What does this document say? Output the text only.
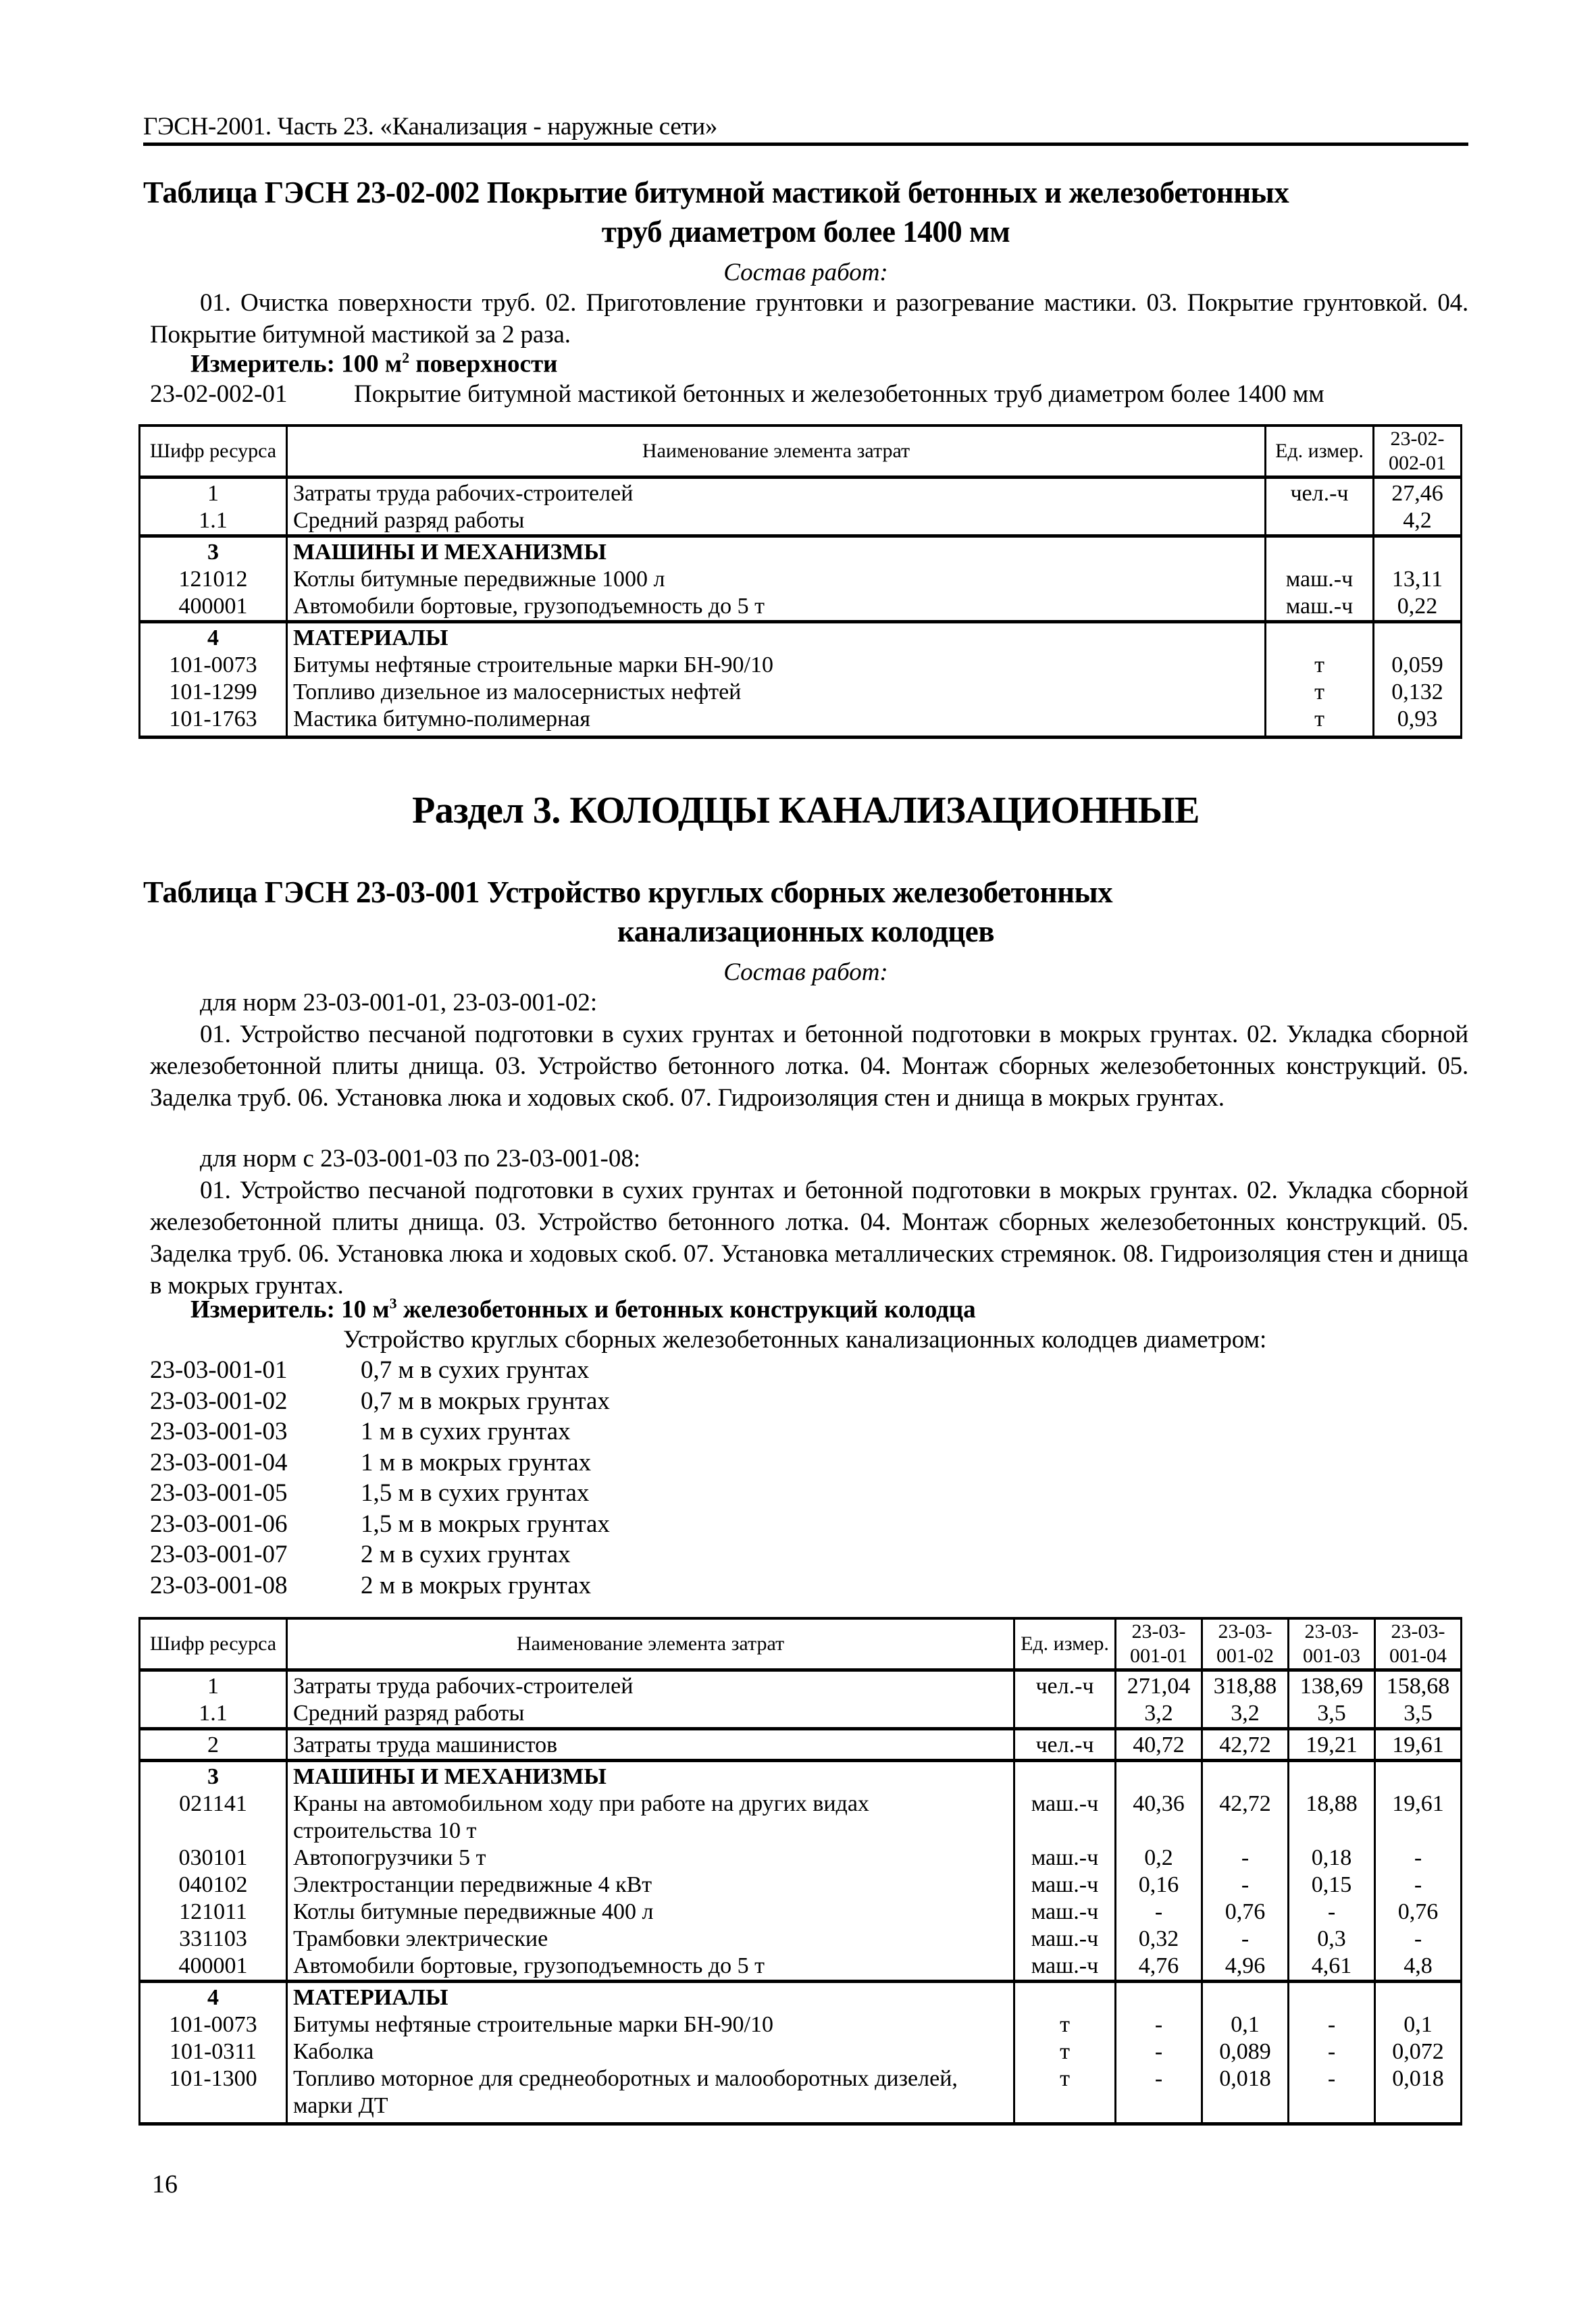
ГЭСН-2001. Часть 23. «Канализация - наружные сети»
Таблица ГЭСН 23-02-002 Покрытие битумной мастикой бетонных и железобетонных
труб диаметром более 1400 мм
Состав работ:
01. Очистка поверхности труб. 02. Приготовление грунтовки и разогревание мастики. 03. Покрытие грунтовкой. 04. Покрытие битумной мастикой за 2 раза.
Измеритель: 100 $м^2$ поверхности
23-02-002-01	Покрытие битумной мастикой бетонных и железобетонных труб диаметром более 1400 мм
Шифр ресурса	Наименование элемента затрат	Ед. измер.	23-02-002-01
1	Затраты труда рабочих-строителей	чел.-ч	27,46
1.1	Средний разряд работы		4,2
3	МАШИНЫ И МЕХАНИЗМЫ		
121012	Котлы битумные передвижные 1000 л	маш.-ч	13,11
400001	Автомобили бортовые, грузоподъемность до 5 т	маш.-ч	0,22
4	МАТЕРИАЛЫ		
101-0073	Битумы нефтяные строительные марки БН-90/10	т	0,059
101-1299	Топливо дизельное из малосернистых нефтей	т	0,132
101-1763	Мастика битумно-полимерная	т	0,93
Раздел 3. КОЛОДЦЫ КАНАЛИЗАЦИОННЫЕ
Таблица ГЭСН 23-03-001 Устройство круглых сборных железобетонных
канализационных колодцев
Состав работ:
для норм 23-03-001-01, 23-03-001-02:
01. Устройство песчаной подготовки в сухих грунтах и бетонной подготовки в мокрых грунтах. 02. Укладка сборной железобетонной плиты днища. 03. Устройство бетонного лотка. 04. Монтаж сборных железобетонных конструкций. 05. Заделка труб. 06. Установка люка и ходовых скоб. 07. Гидроизоляция стен и днища в мокрых грунтах.
для норм с 23-03-001-03 по 23-03-001-08:
01. Устройство песчаной подготовки в сухих грунтах и бетонной подготовки в мокрых грунтах. 02. Укладка сборной железобетонной плиты днища. 03. Устройство бетонного лотка. 04. Монтаж сборных железобетонных конструкций. 05. Заделка труб. 06. Установка люка и ходовых скоб. 07. Установка металлических стремянок. 08. Гидроизоляция стен и днища в мокрых грунтах.
Измеритель: 10 $м^3$ железобетонных и бетонных конструкций колодца
Устройство круглых сборных железобетонных канализационных колодцев диаметром:
23-03-001-01	0,7 м в сухих грунтах
23-03-001-02	0,7 м в мокрых грунтах
23-03-001-03	1 м в сухих грунтах
23-03-001-04	1 м в мокрых грунтах
23-03-001-05	1,5 м в сухих грунтах
23-03-001-06	1,5 м в мокрых грунтах
23-03-001-07	2 м в сухих грунтах
23-03-001-08	2 м в мокрых грунтах
Шифр ресурса	Наименование элемента затрат	Ед. измер.	23-03-001-01	23-03-001-02	23-03-001-03	23-03-001-04
1	Затраты труда рабочих-строителей	чел.-ч	271,04	318,88	138,69	158,68
1.1	Средний разряд работы		3,2	3,2	3,5	3,5
2	Затраты труда машинистов	чел.-ч	40,72	42,72	19,21	19,61
3	МАШИНЫ И МЕХАНИЗМЫ					
021141	Краны на автомобильном ходу при работе на других видах строительства 10 т	маш.-ч	40,36	42,72	18,88	19,61
030101	Автопогрузчики 5 т	маш.-ч	0,2	-	0,18	-
040102	Электростанции передвижные 4 кВт	маш.-ч	0,16	-	0,15	-
121011	Котлы битумные передвижные 400 л	маш.-ч	-	0,76	-	0,76
331103	Трамбовки электрические	маш.-ч	0,32	-	0,3	-
400001	Автомобили бортовые, грузоподъемность до 5 т	маш.-ч	4,76	4,96	4,61	4,8
4	МАТЕРИАЛЫ					
101-0073	Битумы нефтяные строительные марки БН-90/10	т	-	0,1	-	0,1
101-0311	Каболка	т	-	0,089	-	0,072
101-1300	Топливо моторное для среднеоборотных и малооборотных дизелей, марки ДТ	т	-	0,018	-	0,018
16
